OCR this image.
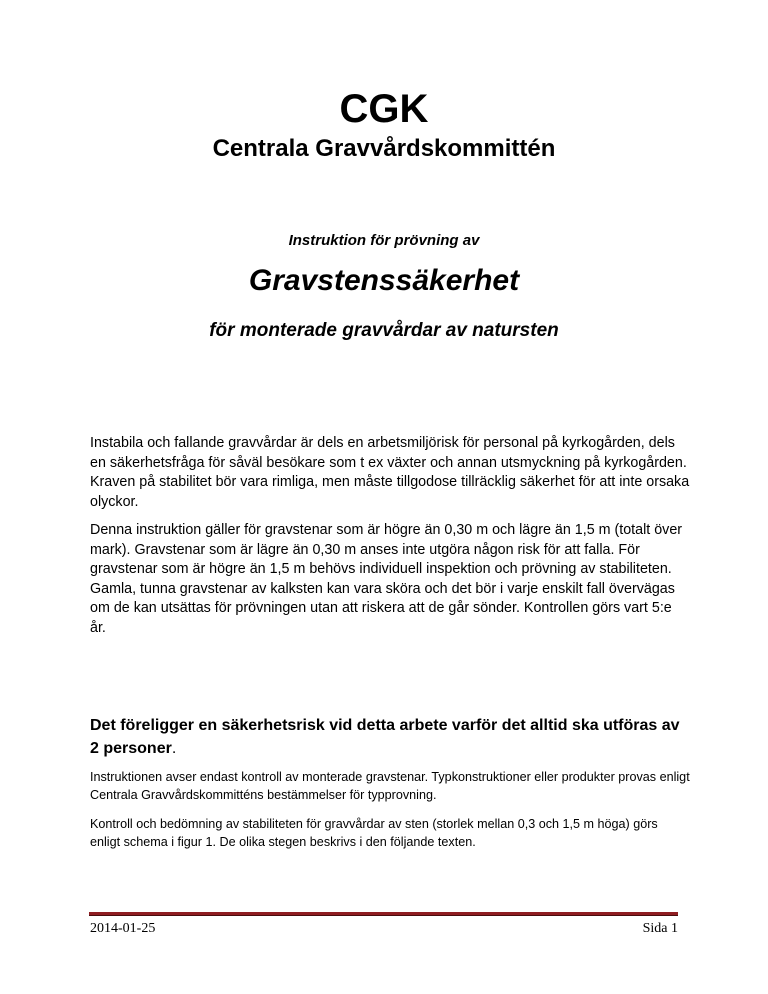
CGK
Centrala Gravvårdskommittén
Instruktion för prövning av
Gravstenssäkerhet
för monterade gravvårdar av natursten
Instabila och fallande gravvårdar är dels en arbetsmiljörisk för personal på kyrkogården, dels en säkerhetsfråga för såväl besökare som t ex växter och annan utsmyckning på kyrkogården. Kraven på stabilitet bör vara rimliga, men måste tillgodose tillräcklig säkerhet för att inte orsaka olyckor.
Denna instruktion gäller för gravstenar som är högre än 0,30 m och lägre än 1,5 m (totalt över mark). Gravstenar som är lägre än 0,30 m anses inte utgöra någon risk för att falla. För gravstenar som är högre än 1,5 m behövs individuell inspektion och prövning av stabiliteten. Gamla, tunna gravstenar av kalksten kan vara sköra och det bör i varje enskilt fall övervägas om de kan utsättas för prövningen utan att riskera att de går sönder. Kontrollen görs vart 5:e år.
Det föreligger en säkerhetsrisk vid detta arbete varför det alltid ska utföras av 2 personer.
Instruktionen avser endast kontroll av monterade gravstenar. Typkonstruktioner eller produkter provas enligt Centrala Gravvårdskommitténs bestämmelser för typprovning.
Kontroll och bedömning av stabiliteten för gravvårdar av sten (storlek mellan 0,3 och 1,5 m höga) görs enligt schema i figur 1. De olika stegen beskrivs i den följande texten.
2014-01-25	Sida 1
